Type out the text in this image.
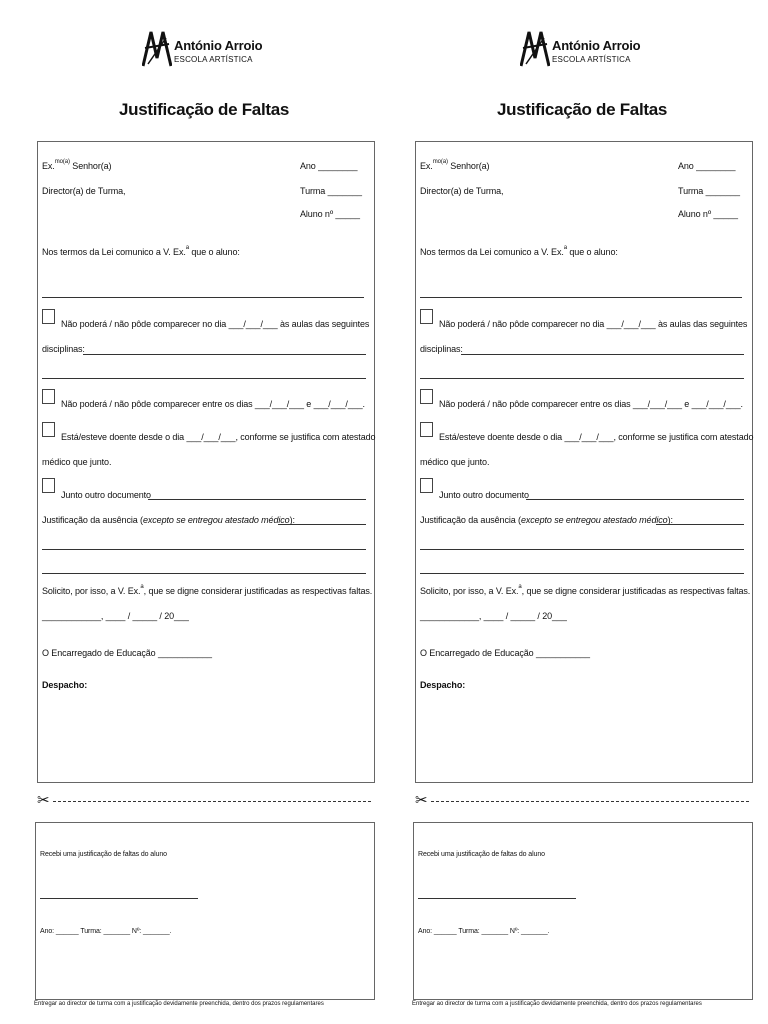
António Arroio
ESCOLA ARTÍSTICA
Justificação de Faltas
Ex.$^{mo(a)}$ Senhor(a)
Director(a) de Turma,
Ano ________
Turma _______
Aluno nº _____
Nos termos da Lei comunico a V. Ex.$^a$ que o aluno:
Não poderá / não pôde comparecer no dia ___/___/___ às aulas das seguintes
disciplinas:
Não poderá / não pôde comparecer entre os dias ___/___/___ e ___/___/___.
Está/esteve doente desde o dia ___/___/___, conforme se justifica com atestado
médico que junto.
Junto outro documento
Justificação da ausência (excepto se entregou atestado médico):
Solicito, por isso, a V. Ex.$^a$, que se digne considerar justificadas as respectivas faltas.
____________, ____ / _____ / 20___
O Encarregado de Educação ___________
Despacho:
✂
Recebi uma justificação de faltas do aluno
Ano: ______ Turma: _______ Nº: _______.
Entregar ao director de turma com a justificação devidamente preenchida, dentro dos prazos regulamentares
António Arroio
ESCOLA ARTÍSTICA
Justificação de Faltas
Ex.$^{mo(a)}$ Senhor(a)
Director(a) de Turma,
Ano ________
Turma _______
Aluno nº _____
Nos termos da Lei comunico a V. Ex.$^a$ que o aluno:
Não poderá / não pôde comparecer no dia ___/___/___ às aulas das seguintes
disciplinas:
Não poderá / não pôde comparecer entre os dias ___/___/___ e ___/___/___.
Está/esteve doente desde o dia ___/___/___, conforme se justifica com atestado
médico que junto.
Junto outro documento
Justificação da ausência (excepto se entregou atestado médico):
Solicito, por isso, a V. Ex.$^a$, que se digne considerar justificadas as respectivas faltas.
____________, ____ / _____ / 20___
O Encarregado de Educação ___________
Despacho:
✂
Recebi uma justificação de faltas do aluno
Ano: ______ Turma: _______ Nº: _______.
Entregar ao director de turma com a justificação devidamente preenchida, dentro dos prazos regulamentares
